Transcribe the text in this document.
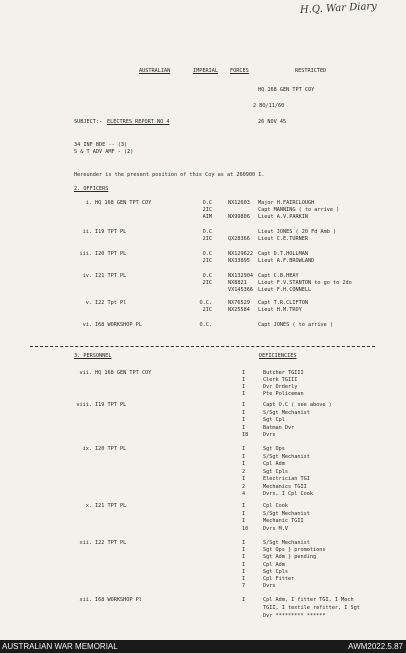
H.Q. War Diary
AUSTRALIAN	IMPERIAL FORCES	RESTRICTED
HQ 168 GEN TPT COY
2 BO/11/60
SUBJECT:- ELECTRES REPORT NO 4	26 NOV 45
34 INF BDE -- (3)
S & T ADV AMF - (2)
Hereunder is the present position of this Coy as at 260900 I.
2. OFFICERS
i. HQ 168 GEN TPT COY	O.C	NX12603 Major H.FAIRCLOUGH
2IC	Capt MANNING ( to arrive )
AIM	NX99806 Lieut A.V.PARKIN
ii. I19 TPT PL	O.C	Lieut JONES ( 20 Fd Amb )
2IC	QX28366 Lieut C.E.TURNER
iii. I20 TPT PL	O.C	NX129622 Capt D.T.HOLLMAN
2IC	NX33895 Lieut A.F.BROWLAND
iv. I21 TPT PL	O.C	NX132904 Capt C.B.HEAY
2IC	NX8821 Lieut F.V.STANTON to go to 2do
VX145366 Lieut F.H.CONNELL
v. I22 Tpt Pl	O.C.	NX76529 Capt T.R.CLIFTON
2IC	NX25584 Lieut H.M.TROY
vi. I68 WORKSHOP PL	O.C.	Capt JONES ( to arrive )
3. PERSONNEL	DEFICIENCIES
vii. HQ 168 GEN TPT COY	I	Butcher TGIII
I	Clerk TGIII
I	Dvr Orderly
I	Pte Policeman
viii. I19 TPT PL	I	Capt O.C ( see above )
I	S/Sgt Mechanist
I	Sgt Cpl
I	Batman Dvr
I8	Dvrs
ix. I20 TPT PL	I	Sgt Ops
I	S/Sgt Mechanist
I	Cpl Adm
2	Sgt Cpls
I	Electrician TGI
2	Mechanics TGII
4	Dvrs, I Cpl Cook
x. I21 TPT PL	I	Cpl Cook
I	S/Sgt Mechanist
I	Mechanic TGII
10	Dvrs M.V
xii. I22 TPT PL	I	S/Sgt Mechanist
I	Sgt Ops } promotions
I	Sgt Adm } pending
I	Cpl Adm
I	Sgt Cpls
I	Cpl Fitter
7	Dvrs
xii. I68 WORKSHOP Pl	I	Cpl Adm, I fitter TGI, I Mech
TGII, I textile refitter, I Sgt
Dvr ********* ******
AUSTRALIAN WAR MEMORIAL	AWM2022.5.87
